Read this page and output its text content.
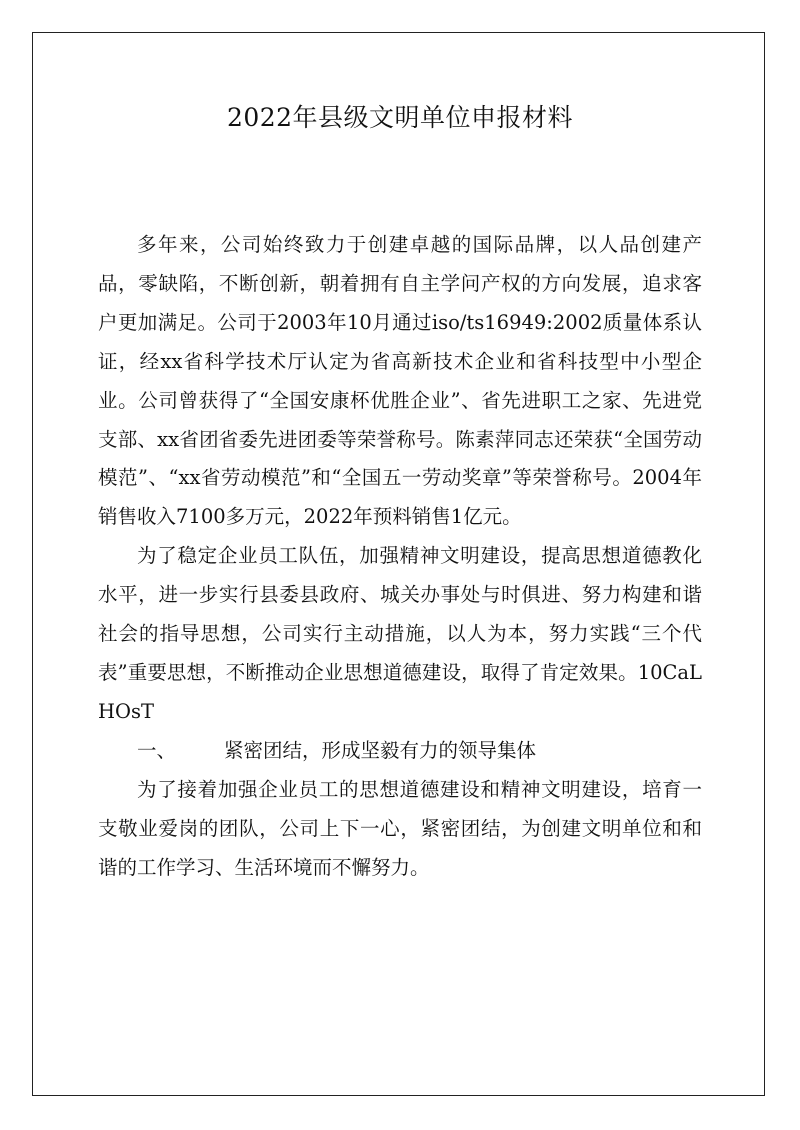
2022年县级文明单位申报材料

多年来，公司始终致力于创建卓越的国际品牌，以人品创建产品，零缺陷，不断创新，朝着拥有自主学问产权的方向发展，追求客户更加满足。公司于2003年10月通过iso/ts16949:2002质量体系认证，经xx省科学技术厅认定为省高新技术企业和省科技型中小型企业。公司曾获得了“全国安康杯优胜企业”、省先进职工之家、先进党支部、xx省团省委先进团委等荣誉称号。陈素萍同志还荣获“全国劳动模范”、“xx省劳动模范”和“全国五一劳动奖章”等荣誉称号。2004年销售收入7100多万元，2022年预料销售1亿元。

为了稳定企业员工队伍，加强精神文明建设，提高思想道德教化水平，进一步实行县委县政府、城关办事处与时俱进、努力构建和谐社会的指导思想，公司实行主动措施，以人为本，努力实践“三个代表”重要思想，不断推动企业思想道德建设，取得了肯定效果。10CaLHOsT

一、 紧密团结，形成坚毅有力的领导集体

为了接着加强企业员工的思想道德建设和精神文明建设，培育一支敬业爱岗的团队，公司上下一心，紧密团结，为创建文明单位和和谐的工作学习、生活环境而不懈努力。
